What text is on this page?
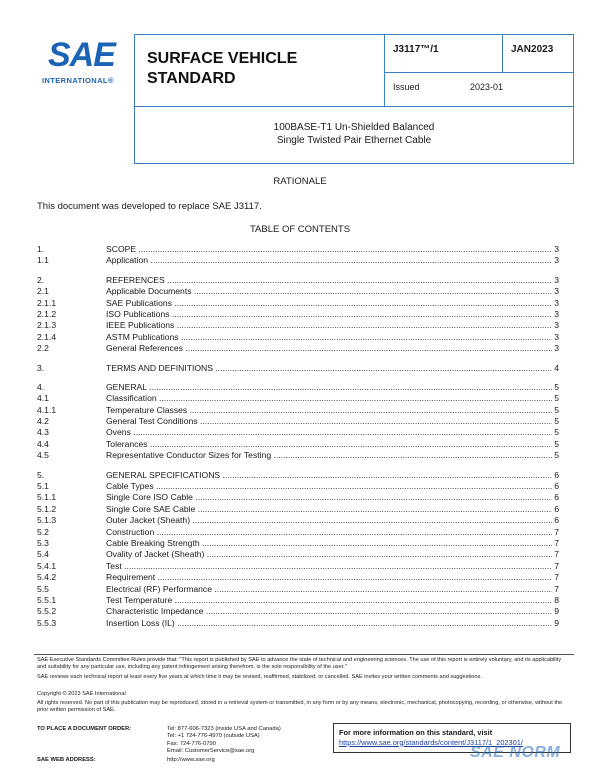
SAE
INTERNATIONAL®
SURFACE VEHICLE
STANDARD
J3117™/1	JAN2023
Issued	2023-01
100BASE-T1 Un-Shielded Balanced
Single Twisted Pair Ethernet Cable
RATIONALE
This document was developed to replace SAE J3117.
TABLE OF CONTENTS
1.	SCOPE .....	3
1.1	Application .....	3
2.	REFERENCES .....	3
2.1	Applicable Documents .....	3
2.1.1	SAE Publications .....	3
2.1.2	ISO Publications .....	3
2.1.3	IEEE Publications .....	3
2.1.4	ASTM Publications .....	3
2.2	General References .....	3
3.	TERMS AND DEFINITIONS .....	4
4.	GENERAL .....	5
4.1	Classification .....	5
4.1.1	Temperature Classes .....	5
4.2	General Test Conditions .....	5
4.3	Ovens .....	5
4.4	Tolerances .....	5
4.5	Representative Conductor Sizes for Testing .....	5
5.	GENERAL SPECIFICATIONS .....	6
5.1	Cable Types .....	6
5.1.1	Single Core ISO Cable .....	6
5.1.2	Single Core SAE Cable .....	6
5.1.3	Outer Jacket (Sheath) .....	6
5.2	Construction .....	7
5.3	Cable Breaking Strength .....	7
5.4	Ovality of Jacket (Sheath) .....	7
5.4.1	Test .....	7
5.4.2	Requirement .....	7
5.5	Electrical (RF) Performance .....	7
5.5.1	Test Temperature .....	8
5.5.2	Characteristic Impedance .....	9
5.5.3	Insertion Loss (IL) .....	9
SAE Executive Standards Committee Rules provide that: "This report is published by SAE to advance the state of technical and engineering sciences. The use of this report is entirely voluntary, and its applicability and suitability for any particular use, including any patent infringement arising therefrom, is the sole responsibility of the user."
SAE reviews each technical report at least every five years at which time it may be revised, reaffirmed, stabilized, or cancelled. SAE invites your written comments and suggestions.
Copyright © 2023 SAE International
All rights reserved. No part of this publication may be reproduced, stored in a retrieval system or transmitted, in any form or by any means, electronic, mechanical, photocopying, recording, or otherwise, without the prior written permission of SAE.
TO PLACE A DOCUMENT ORDER:	Tel: 877-606-7323 (inside USA and Canada)
Tel: +1 724-776-4970 (outside USA)
Fax: 724-776-0790
Email: CustomerService@sae.org
SAE WEB ADDRESS:	http://www.sae.org
For more information on this standard, visit
https://www.sae.org/standards/content/J3117/1_202301/
SAE NORM
